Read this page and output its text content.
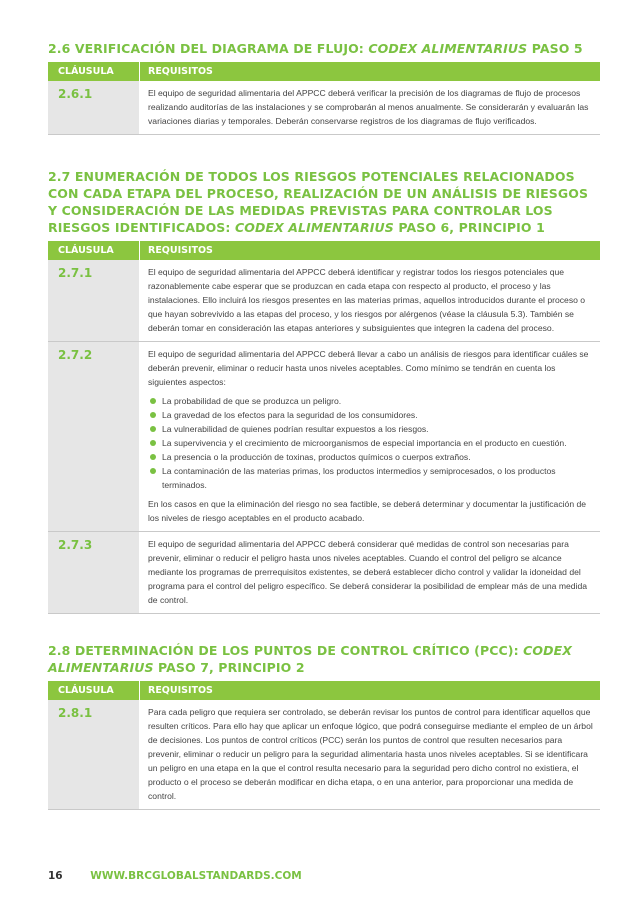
2.6 VERIFICACIÓN DEL DIAGRAMA DE FLUJO: CODEX ALIMENTARIUS PASO 5
CLÁUSULA	REQUISITOS
2.6.1	El equipo de seguridad alimentaria del APPCC deberá verificar la precisión de los diagramas de flujo de procesos realizando auditorías de las instalaciones y se comprobarán al menos anualmente. Se considerarán y evaluarán las variaciones diarias y temporales. Deberán conservarse registros de los diagramas de flujo verificados.

2.7 ENUMERACIÓN DE TODOS LOS RIESGOS POTENCIALES RELACIONADOS CON CADA ETAPA DEL PROCESO, REALIZACIÓN DE UN ANÁLISIS DE RIESGOS Y CONSIDERACIÓN DE LAS MEDIDAS PREVISTAS PARA CONTROLAR LOS RIESGOS IDENTIFICADOS: CODEX ALIMENTARIUS PASO 6, PRINCIPIO 1
CLÁUSULA	REQUISITOS
2.7.1	El equipo de seguridad alimentaria del APPCC deberá identificar y registrar todos los riesgos potenciales que razonablemente cabe esperar que se produzcan en cada etapa con respecto al producto, el proceso y las instalaciones. Ello incluirá los riesgos presentes en las materias primas, aquellos introducidos durante el proceso o que hayan sobrevivido a las etapas del proceso, y los riesgos por alérgenos (véase la cláusula 5.3). También se deberán tomar en consideración las etapas anteriores y subsiguientes que integren la cadena del proceso.

2.7.2	El equipo de seguridad alimentaria del APPCC deberá llevar a cabo un análisis de riesgos para identificar cuáles se deberán prevenir, eliminar o reducir hasta unos niveles aceptables. Como mínimo se tendrán en cuenta los siguientes aspectos:

La probabilidad de que se produzca un peligro.
La gravedad de los efectos para la seguridad de los consumidores.
La vulnerabilidad de quienes podrían resultar expuestos a los riesgos.
La supervivencia y el crecimiento de microorganismos de especial importancia en el producto en cuestión.
La presencia o la producción de toxinas, productos químicos o cuerpos extraños.
La contaminación de las materias primas, los productos intermedios y semiprocesados, o los productos terminados.

En los casos en que la eliminación del riesgo no sea factible, se deberá determinar y documentar la justificación de los niveles de riesgo aceptables en el producto acabado.

2.7.3	El equipo de seguridad alimentaria del APPCC deberá considerar qué medidas de control son necesarias para prevenir, eliminar o reducir el peligro hasta unos niveles aceptables. Cuando el control del peligro se alcance mediante los programas de prerrequisitos existentes, se deberá establecer dicho control y validar la idoneidad del programa para el control del peligro específico. Se deberá considerar la posibilidad de emplear más de una medida de control.

2.8 DETERMINACIÓN DE LOS PUNTOS DE CONTROL CRÍTICO (PCC): CODEX ALIMENTARIUS PASO 7, PRINCIPIO 2
CLÁUSULA	REQUISITOS
2.8.1	Para cada peligro que requiera ser controlado, se deberán revisar los puntos de control para identificar aquellos que resulten críticos. Para ello hay que aplicar un enfoque lógico, que podrá conseguirse mediante el empleo de un árbol de decisiones. Los puntos de control críticos (PCC) serán los puntos de control que resulten necesarios para prevenir, eliminar o reducir un peligro para la seguridad alimentaria hasta unos niveles aceptables. Si se identificara un peligro en una etapa en la que el control resulta necesario para la seguridad pero dicho control no existiera, el producto o el proceso se deberán modificar en dicha etapa, o en una anterior, para proporcionar una medida de control.

16	WWW.BRCGLOBALSTANDARDS.COM
